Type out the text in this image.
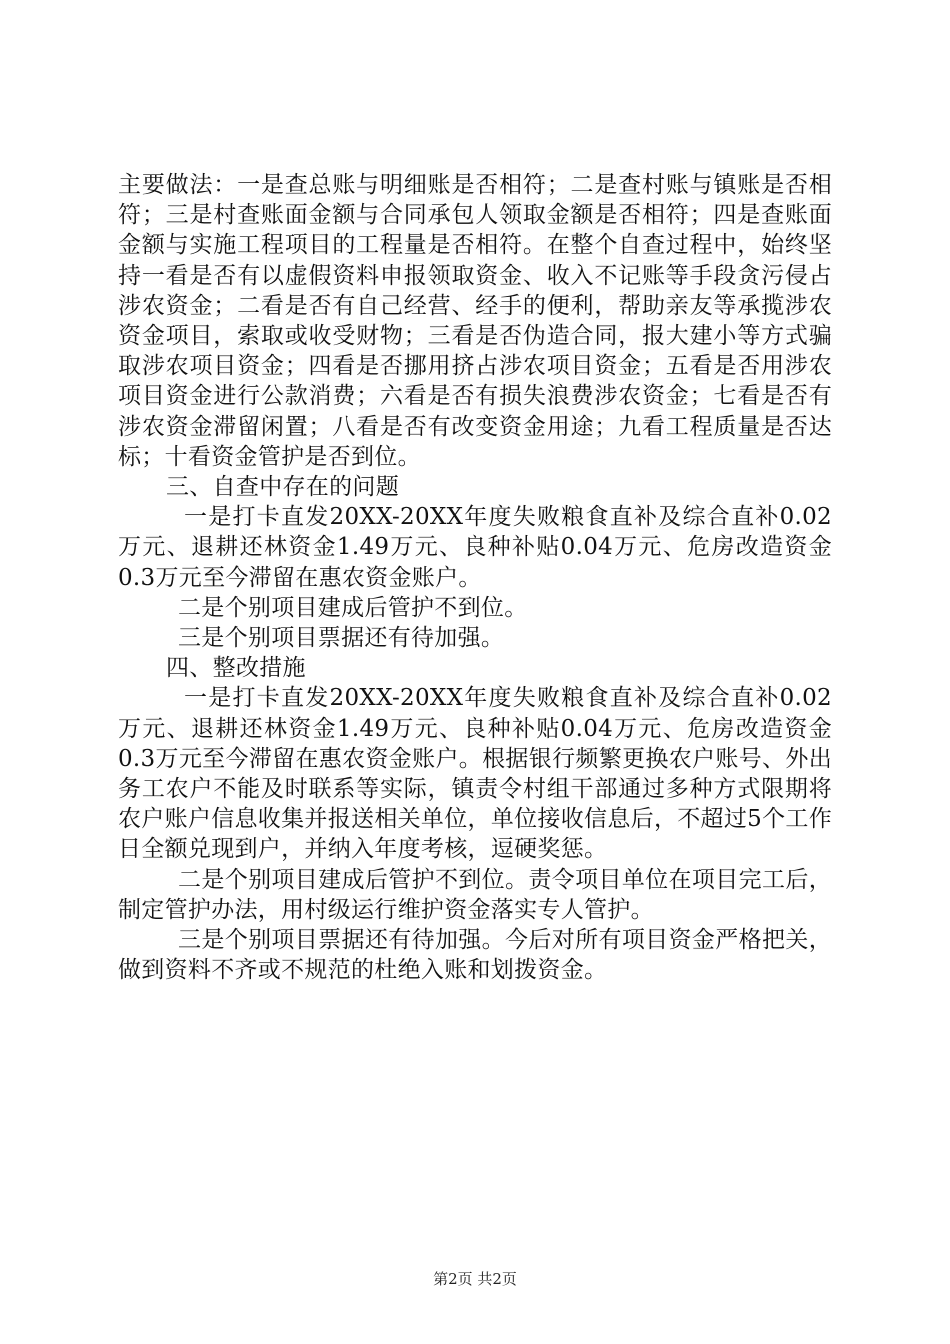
主要做法：一是查总账与明细账是否相符；二是查村账与镇账是否相符；三是村查账面金额与合同承包人领取金额是否相符；四是查账面金额与实施工程项目的工程量是否相符。在整个自查过程中，始终坚持一看是否有以虚假资料申报领取资金、收入不记账等手段贪污侵占涉农资金；二看是否有自己经营、经手的便利，帮助亲友等承揽涉农资金项目，索取或收受财物；三看是否伪造合同，报大建小等方式骗取涉农项目资金；四看是否挪用挤占涉农项目资金；五看是否用涉农项目资金进行公款消费；六看是否有损失浪费涉农资金；七看是否有涉农资金滞留闲置；八看是否有改变资金用途；九看工程质量是否达标；十看资金管护是否到位。

三、自查中存在的问题

一是打卡直发20XX-20XX年度失败粮食直补及综合直补0.02万元、退耕还林资金1.49万元、良种补贴0.04万元、危房改造资金0.3万元至今滞留在惠农资金账户。

二是个别项目建成后管护不到位。

三是个别项目票据还有待加强。

四、整改措施

一是打卡直发20XX-20XX年度失败粮食直补及综合直补0.02万元、退耕还林资金1.49万元、良种补贴0.04万元、危房改造资金0.3万元至今滞留在惠农资金账户。根据银行频繁更换农户账号、外出务工农户不能及时联系等实际，镇责令村组干部通过多种方式限期将农户账户信息收集并报送相关单位，单位接收信息后，不超过5个工作日全额兑现到户，并纳入年度考核，逗硬奖惩。

二是个别项目建成后管护不到位。责令项目单位在项目完工后，制定管护办法，用村级运行维护资金落实专人管护。

三是个别项目票据还有待加强。今后对所有项目资金严格把关，做到资料不齐或不规范的杜绝入账和划拨资金。

第2页 共2页
